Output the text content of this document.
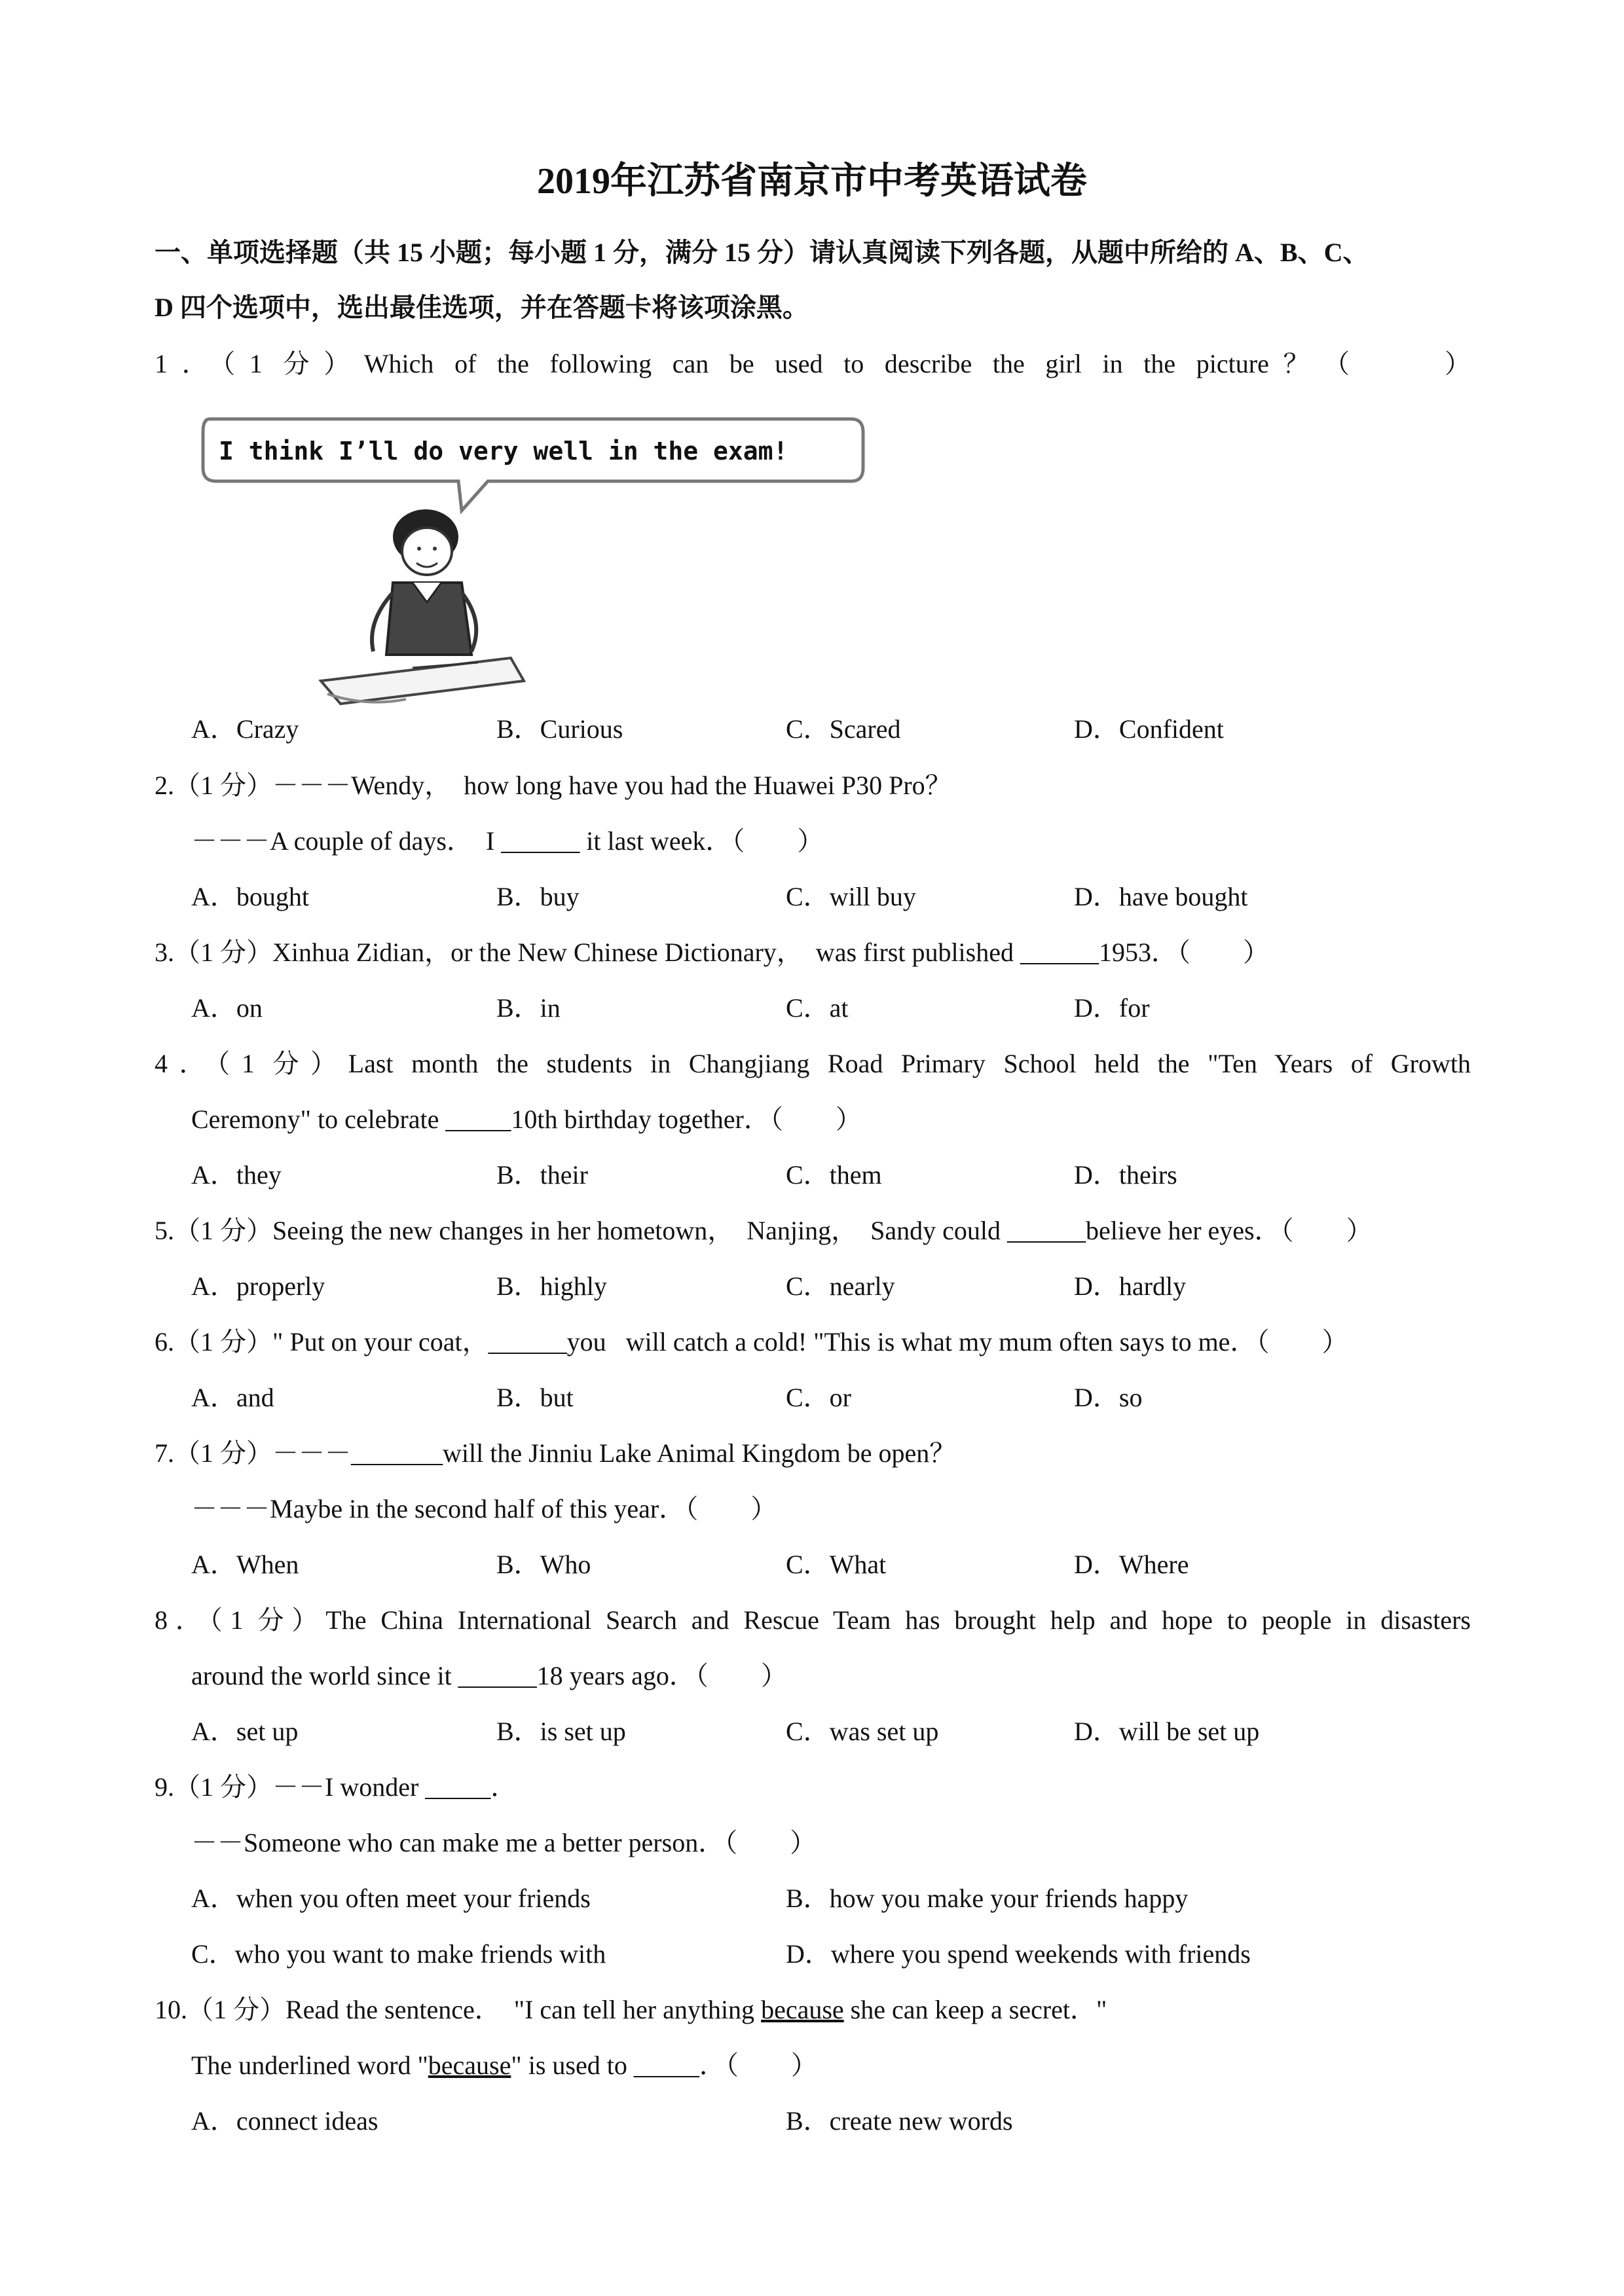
2019年江苏省南京市中考英语试卷
一、单项选择题（共 15 小题；每小题 1 分，满分 15 分）请认真阅读下列各题，从题中所给的 A、B、C、
D 四个选项中，选出最佳选项，并在答题卡将该项涂黑。
1．（1 分）Which of the following can be used to describe the girl in the picture？（　　）
I think I’ll do very well in the exam!
A．Crazy	B．Curious	C．Scared	D．Confident
2.（1 分）－－－Wendy，  how long have you had the Huawei P30 Pro？
－－－A couple of days．  I ______ it last week．（　　）
A．bought	B．buy	C．will buy	D．have bought
3.（1 分）Xinhua Zidian，or the New Chinese Dictionary，  was first published ______1953．（　　）
A．on	B．in	C．at	D．for
4．（1 分）Last month the students in Changjiang Road Primary School held the "Ten Years of Growth
Ceremony" to celebrate _____10th birthday together．（　　）
A．they	B．their	C．them	D．theirs
5.（1 分）Seeing the new changes in her hometown，  Nanjing，  Sandy could ______believe her eyes．（　　）
A．properly	B．highly	C．nearly	D．hardly
6.（1 分）" Put on your coat，______you   will catch a cold! "This is what my mum often says to me．（　　）
A．and	B．but	C．or	D．so
7.（1 分）－－－_______will the Jinniu Lake Animal Kingdom be open？
－－－Maybe in the second half of this year．（　　）
A．When	B．Who	C．What	D．Where
8．（1 分）The China International Search and Rescue Team has brought help and hope to people in disasters
around the world since it ______18 years ago．（　　）
A．set up	B．is set up	C．was set up	D．will be set up
9.（1 分）－－I wonder _____．
－－Someone who can make me a better person．（　　）
A．when you often meet your friends	B．how you make your friends happy
C．who you want to make friends with	D．where you spend weekends with friends
10.（1 分）Read the sentence．  "I can tell her anything because she can keep a secret．"
The underlined word "because" is used to _____．（　　）
A．connect ideas	B．create new words
